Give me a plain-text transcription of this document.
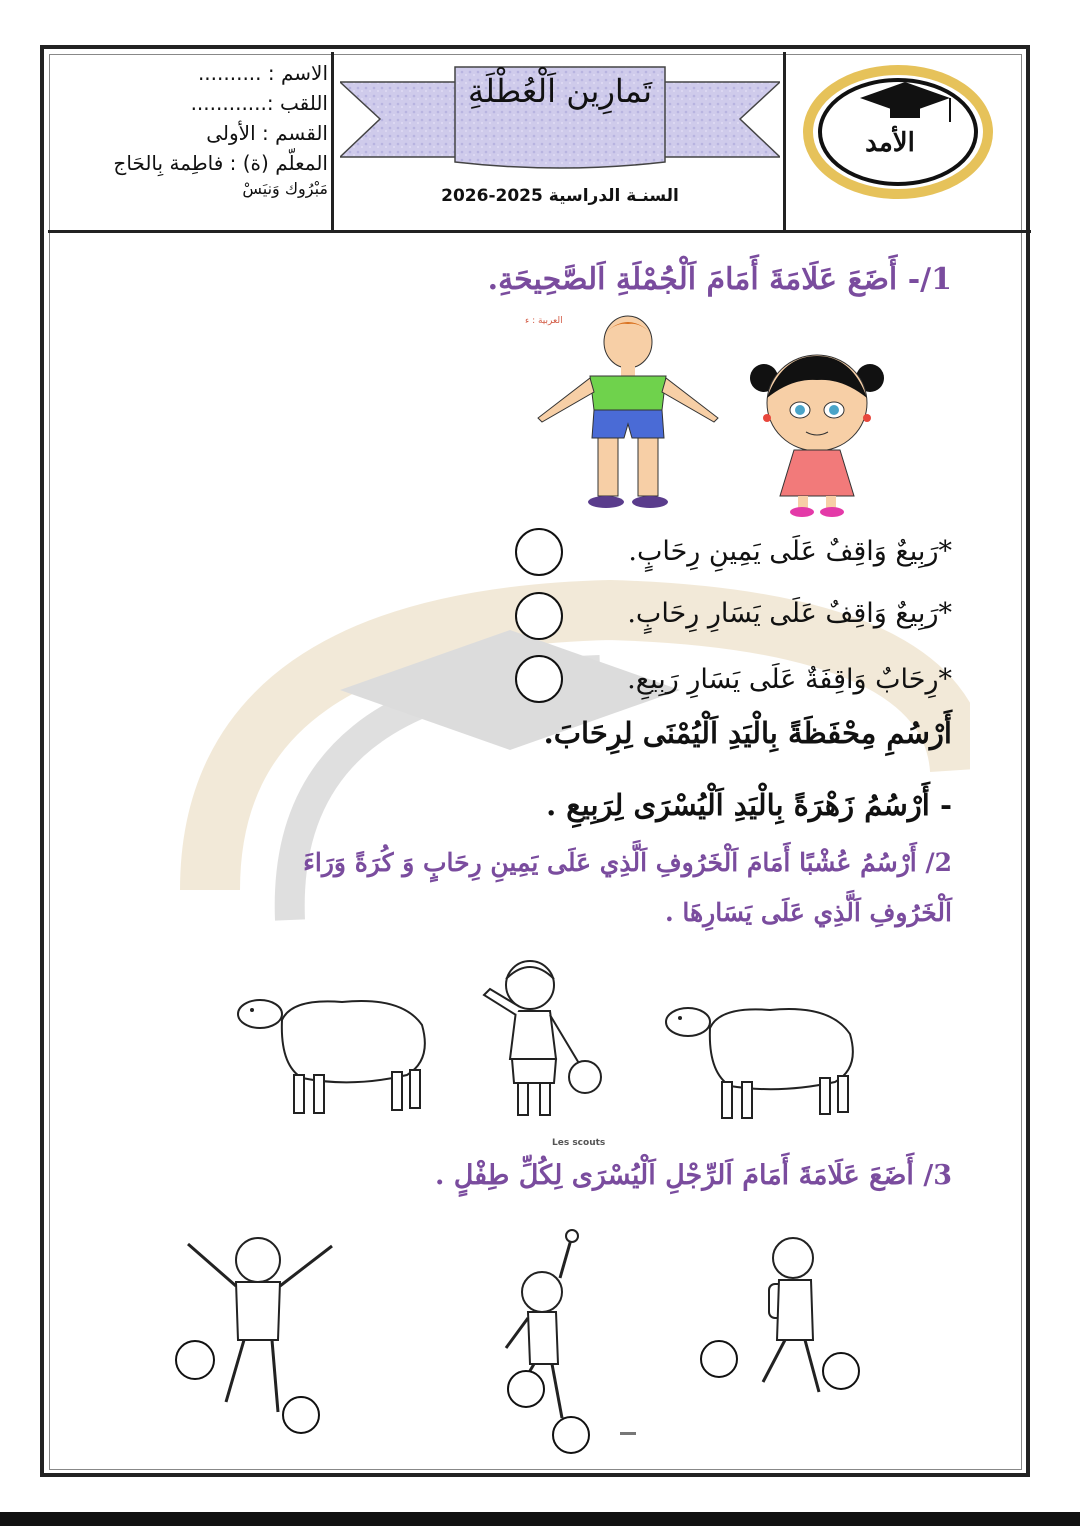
الاسم : ..........
اللقب :............
القسم : الأولى
المعلّم (ة) : فاطِمة بِالحَاج
مَبْرُوك وَنيَسْ
تَمارِين اَلْعُطْلَةِ
السنـة الدراسية 2025-2026
الأمد
1/- أَضَعَ عَلَامَةَ أَمَامَ اَلْجُمْلَةِ اَلصَّحِيحَةِ.
العربية : ء
*رَبِيعٌ وَاقِفٌ عَلَى يَمِينِ رِحَابٍ.
*رَبِيعٌ وَاقِفٌ عَلَى يَسَارِ رِحَابٍ.
*رِحَابٌ وَاقِفَةٌ عَلَى يَسَارِ رَبِيعِ.
أَرْسُمِ مِحْفَظَةً بِالْيَدِ اَلْيُمْنَى لِرِحَابَ.
- أَرْسُمُ زَهْرَةً بِالْيَدِ اَلْيُسْرَى لِرَبِيعِ .
2/ أَرْسُمُ عُشْبًا أَمَامَ اَلْخَرُوفِ اَلَّذِي عَلَى يَمِينِ رِحَابٍ وَ كُرَةً وَرَاءَ
اَلْخَرُوفِ اَلَّذِي عَلَى يَسَارِهَا .
Les scouts
3/ أَضَعَ عَلَامَةَ أَمَامَ اَلرِّجْلِ اَلْيُسْرَى لِكُلِّ طِفْلٍ .
